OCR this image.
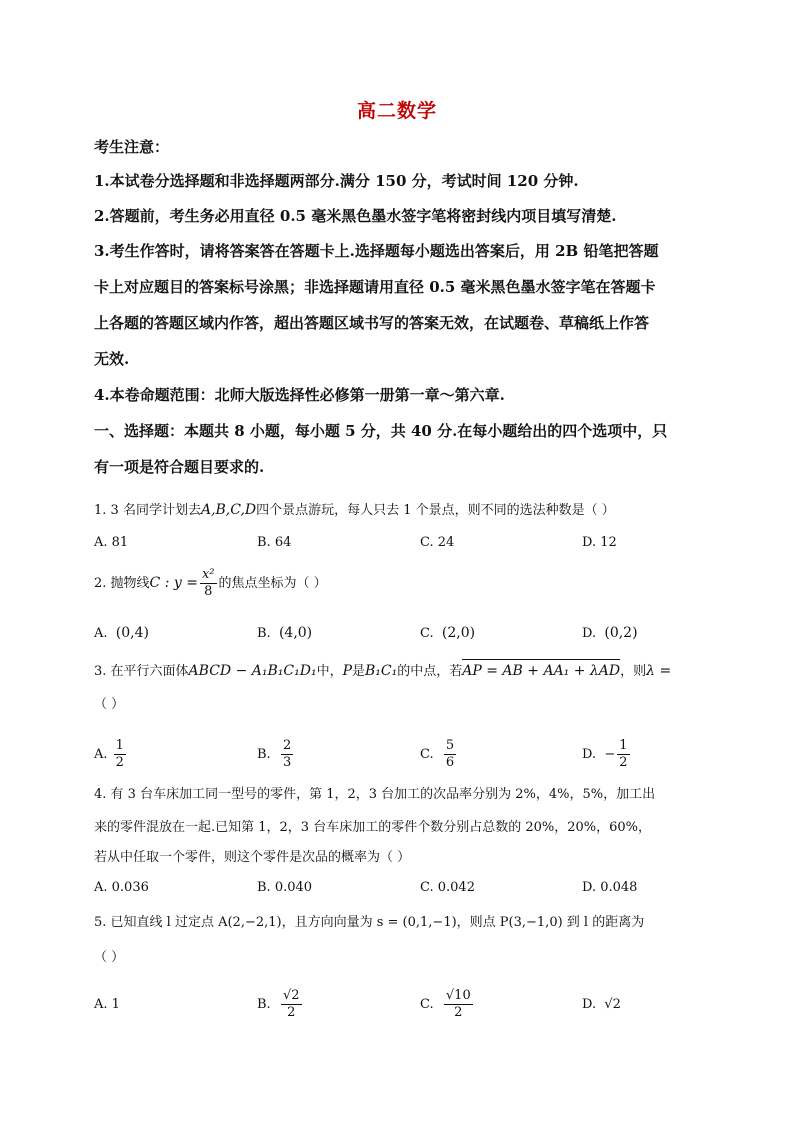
高二数学
考生注意：
1.本试卷分选择题和非选择题两部分.满分 150 分，考试时间 120 分钟.
2.答题前，考生务必用直径 0.5 毫米黑色墨水签字笔将密封线内项目填写清楚.
3.考生作答时，请将答案答在答题卡上.选择题每小题选出答案后，用 2B 铅笔把答题
卡上对应题目的答案标号涂黑；非选择题请用直径 0.5 毫米黑色墨水签字笔在答题卡
上各题的答题区域内作答，超出答题区域书写的答案无效，在试题卷、草稿纸上作答
无效.
4.本卷命题范围：北师大版选择性必修第一册第一章～第六章.
一、选择题：本题共 8 小题，每小题 5 分，共 40 分.在每小题给出的四个选项中，只
有一项是符合题目要求的.
1. 3 名同学计划去A,B,C,D四个景点游玩，每人只去 1 个景点，则不同的选法种数是（ ）
A. 81	B. 64	C. 24	D. 12
2. 抛物线C : $y = \frac{\text{x²}}{8}$ 的焦点坐标为（ ）
A. (0,4)	B. (4,0)	C. (2,0)	D. (0,2)
3. 在平行六面体ABCD − A₁B₁C₁D₁中，P是B₁C₁的中点，若AP = AB + AA₁ + λAD，则λ =
（ ）
A. $\frac{1}{2}$	B. $\frac{2}{3}$	C. $\frac{5}{6}$	D. − $\frac{1}{2}$
4. 有 3 台车床加工同一型号的零件，第 1，2，3 台加工的次品率分别为 2%，4%，5%，加工出
来的零件混放在一起.已知第 1，2，3 台车床加工的零件个数分别占总数的 20%，20%，60%，
若从中任取一个零件，则这个零件是次品的概率为（ ）
A. 0.036	B. 0.040	C. 0.042	D. 0.048
5. 已知直线 l 过定点 A(2,−2,1)，且方向向量为 s = (0,1,−1)，则点 P(3,−1,0) 到 l 的距离为
（ ）
A. 1	B. $\frac{√2}{2}$	C. $\frac{√10}{2}$	D. √2
